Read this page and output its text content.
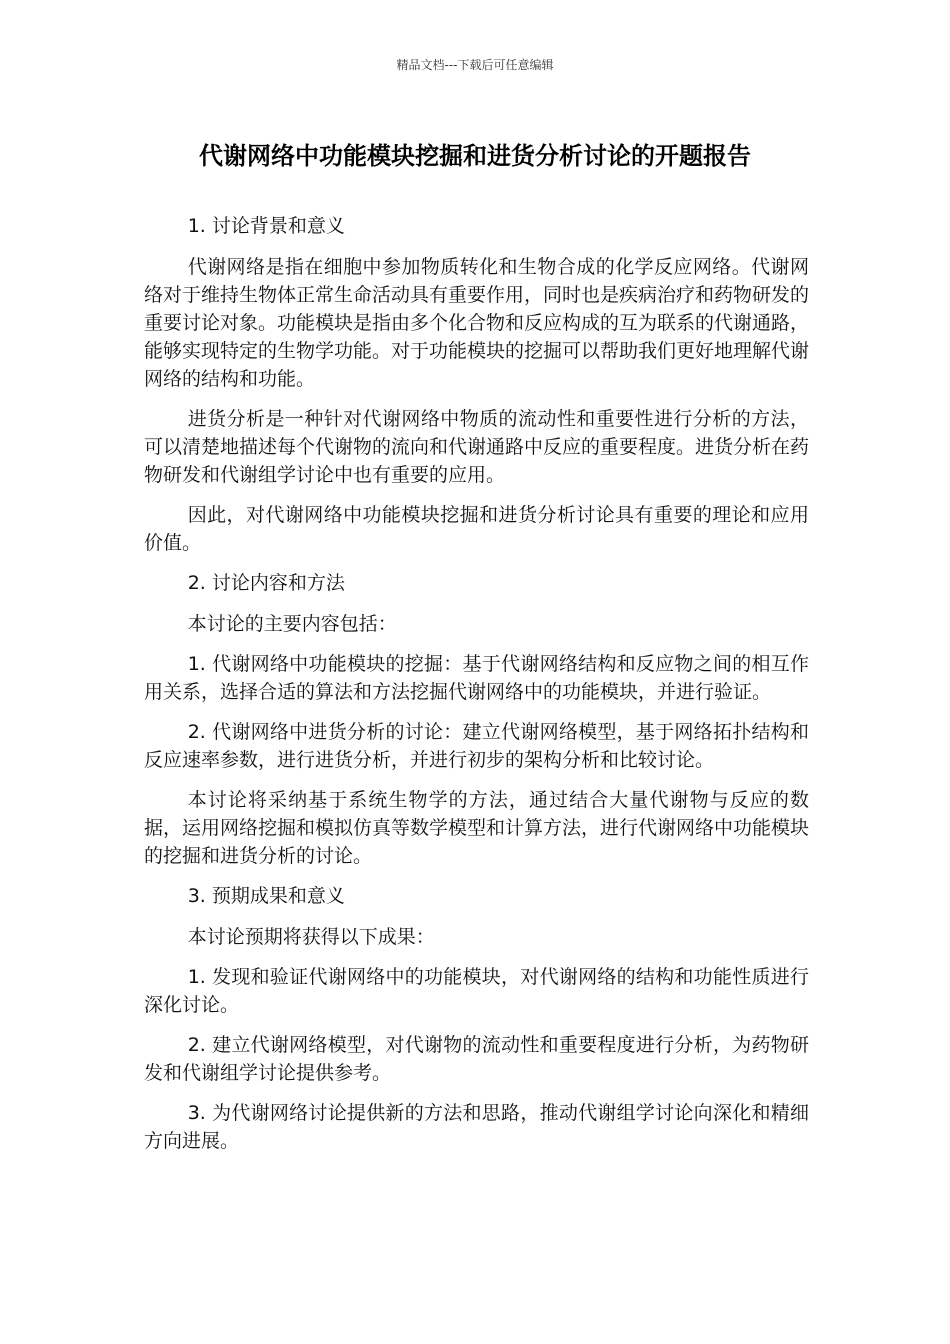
精品文档---下载后可任意编辑
代谢网络中功能模块挖掘和进货分析讨论的开题报告

1. 讨论背景和意义

代谢网络是指在细胞中参加物质转化和生物合成的化学反应网络。代谢网络对于维持生物体正常生命活动具有重要作用，同时也是疾病治疗和药物研发的重要讨论对象。功能模块是指由多个化合物和反应构成的互为联系的代谢通路，能够实现特定的生物学功能。对于功能模块的挖掘可以帮助我们更好地理解代谢网络的结构和功能。

进货分析是一种针对代谢网络中物质的流动性和重要性进行分析的方法，可以清楚地描述每个代谢物的流向和代谢通路中反应的重要程度。进货分析在药物研发和代谢组学讨论中也有重要的应用。

因此，对代谢网络中功能模块挖掘和进货分析讨论具有重要的理论和应用价值。

2. 讨论内容和方法

本讨论的主要内容包括：

1. 代谢网络中功能模块的挖掘：基于代谢网络结构和反应物之间的相互作用关系，选择合适的算法和方法挖掘代谢网络中的功能模块，并进行验证。

2. 代谢网络中进货分析的讨论：建立代谢网络模型，基于网络拓扑结构和反应速率参数，进行进货分析，并进行初步的架构分析和比较讨论。

本讨论将采纳基于系统生物学的方法，通过结合大量代谢物与反应的数据，运用网络挖掘和模拟仿真等数学模型和计算方法，进行代谢网络中功能模块的挖掘和进货分析的讨论。

3. 预期成果和意义

本讨论预期将获得以下成果：

1. 发现和验证代谢网络中的功能模块，对代谢网络的结构和功能性质进行深化讨论。

2. 建立代谢网络模型，对代谢物的流动性和重要程度进行分析，为药物研发和代谢组学讨论提供参考。

3. 为代谢网络讨论提供新的方法和思路，推动代谢组学讨论向深化和精细方向进展。
